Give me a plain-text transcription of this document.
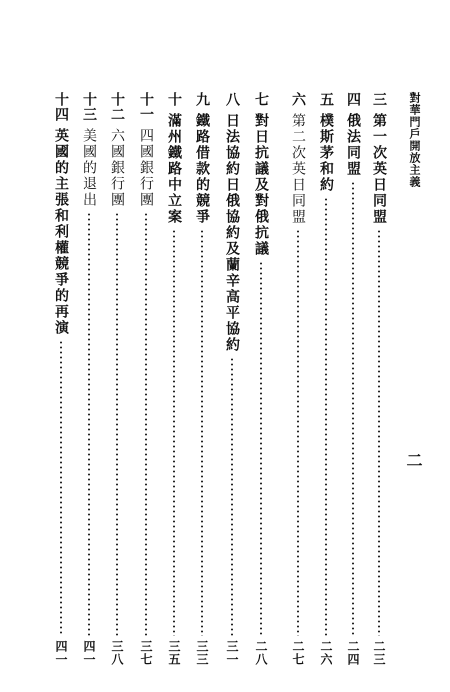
對華門戶開放主義
二
三
第一次英日同盟
二三
四
俄法同盟
二四
五
樸斯茅和約
二六
六
第二次英日同盟
二七
七
對日抗議及對俄抗議
二八
八
日法協約日俄協約及蘭辛高平協約
三一
九
鐵路借款的競爭
三三
十
滿州鐵路中立案
三五
十一
四國銀行團
三七
十二
六國銀行團
三八
十三
美國的退出
四一
十四
英國的主張和利權競爭的再演
四一
